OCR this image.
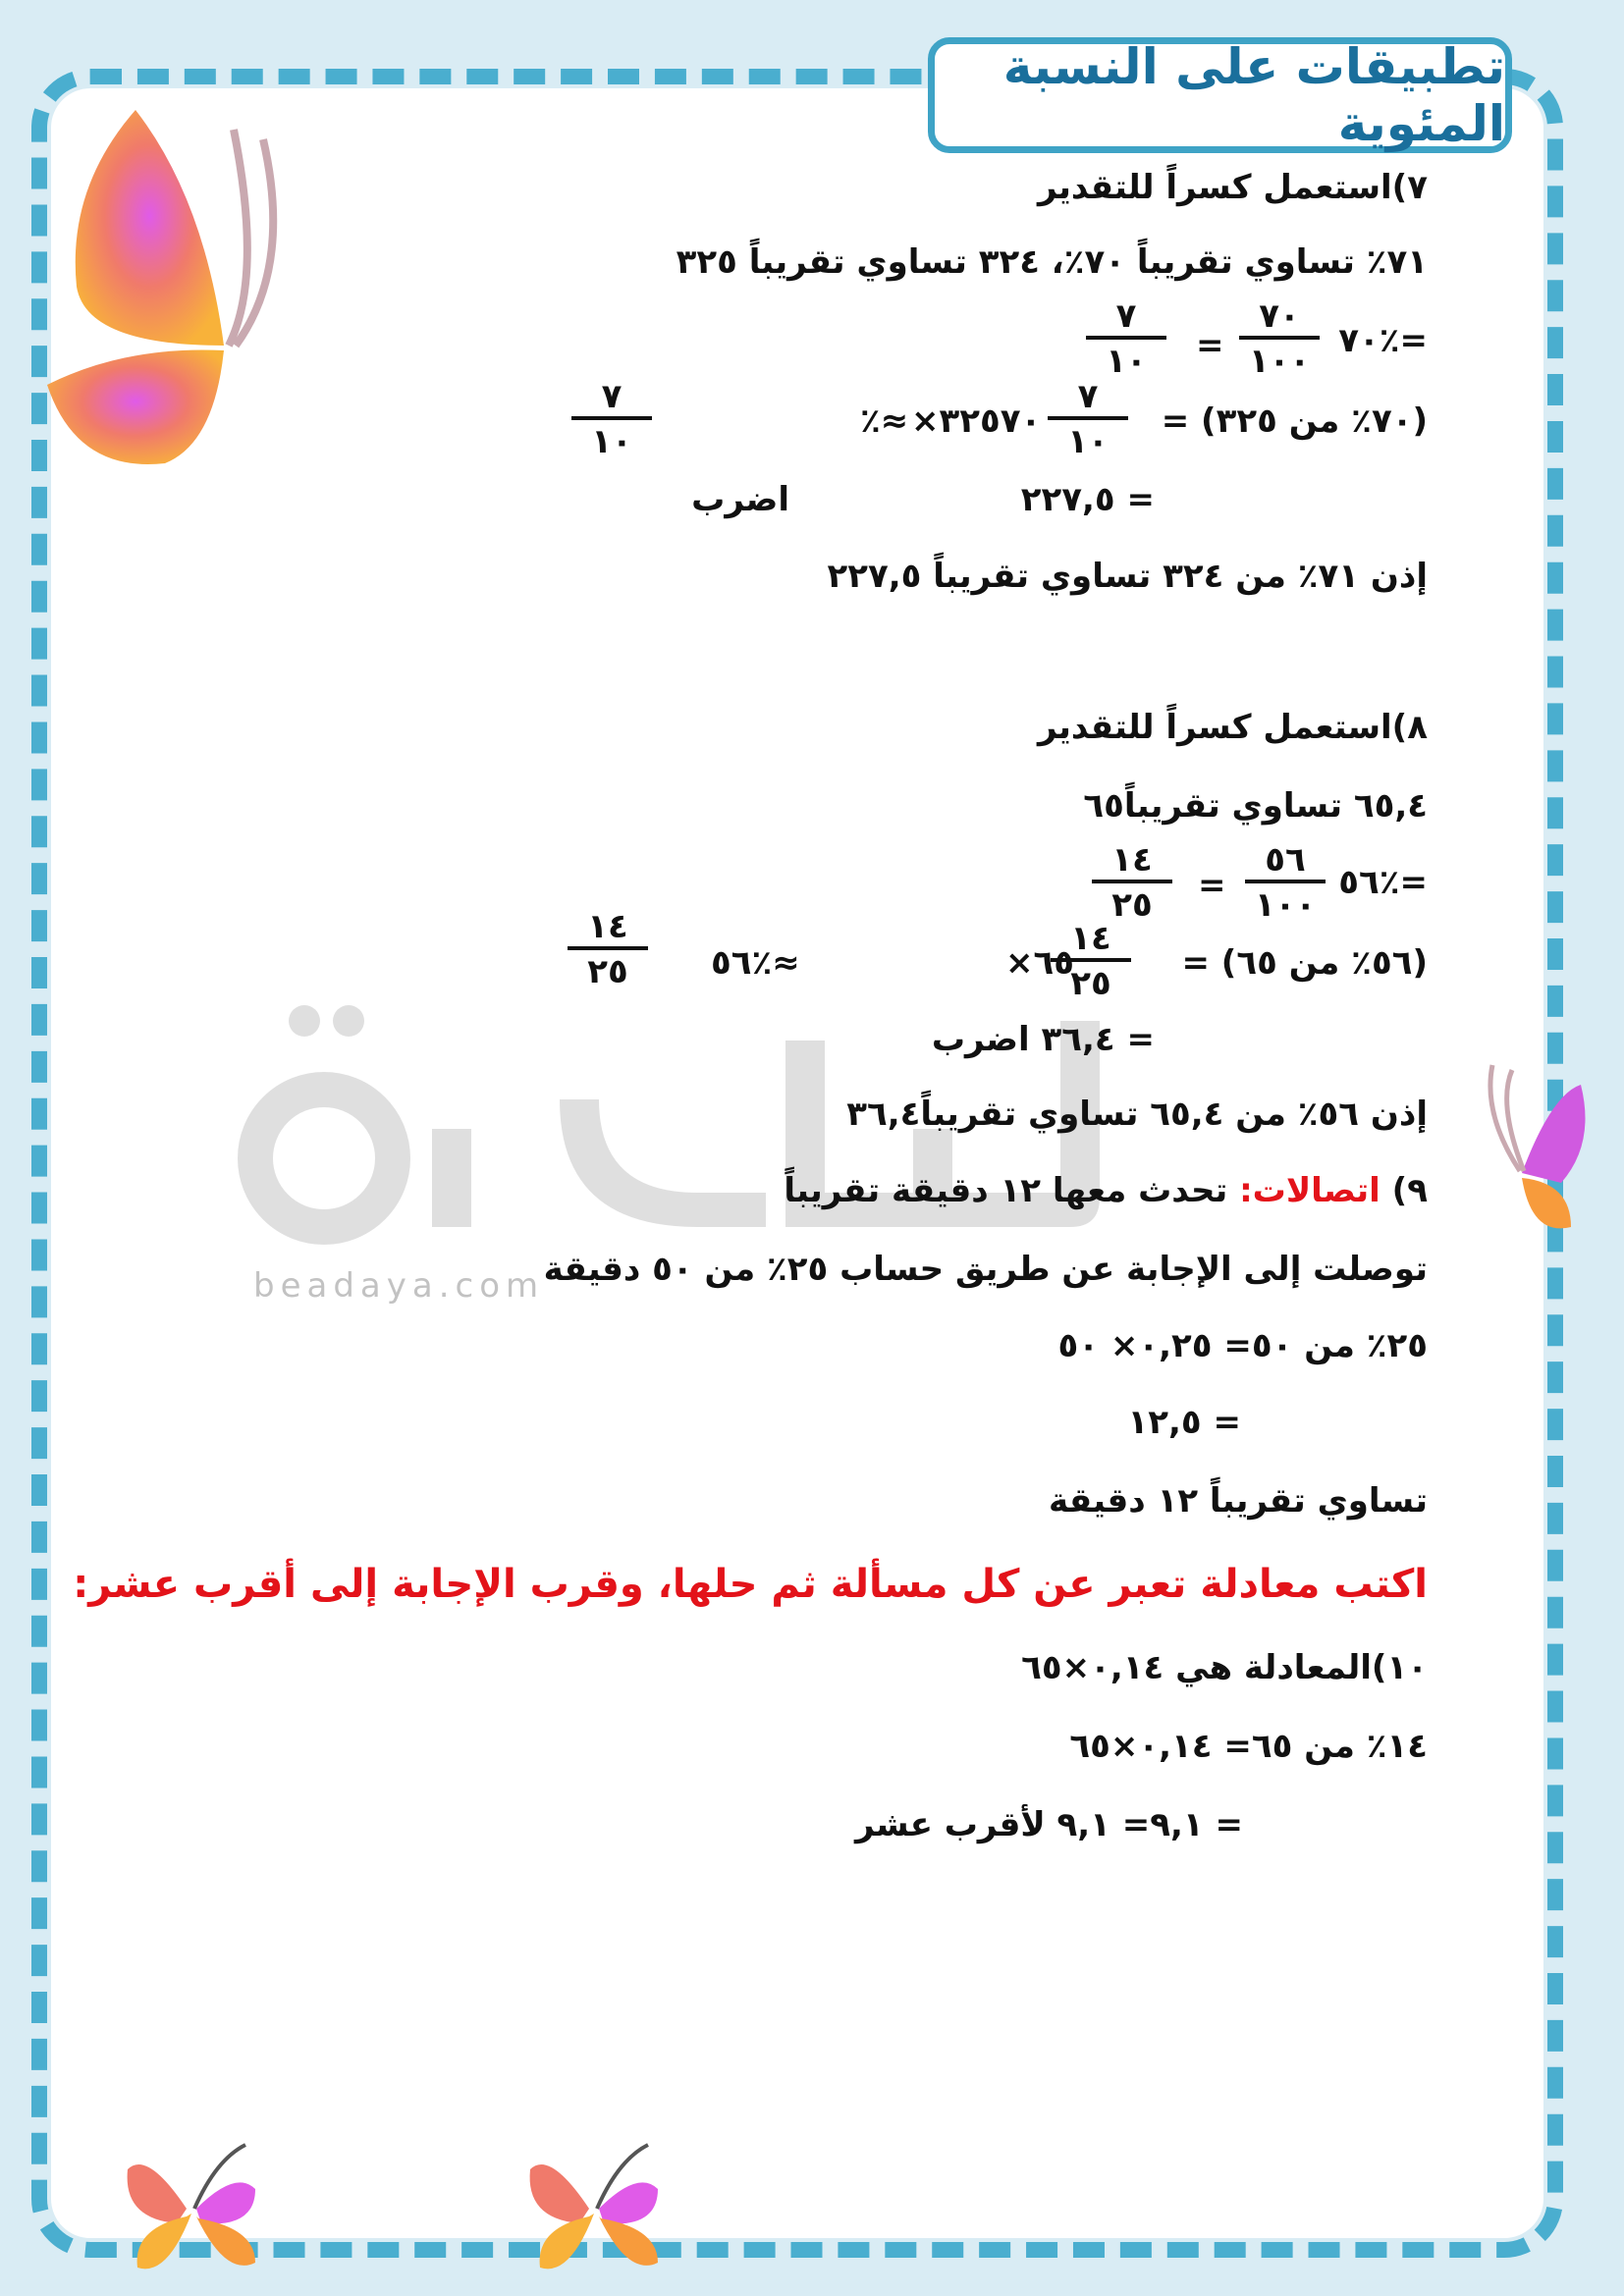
تطبيقات على النسبة المئوية
beadaya.com
٧)استعمل كسراً للتقدير
٧١٪ تساوي تقريباً ٧٠٪، ٣٢٤ تساوي تقريباً ٣٢٥
=٪٧٠
٧٠
١٠٠
=
٧
١٠
(٧٠٪ من ٣٢٥) =
٧
١٠
٣٢٥٧٠×
≈٪
٧
١٠
= ٢٢٧,٥
اضرب
إذن ٧١٪ من ٣٢٤ تساوي تقريباً ٢٢٧,٥
٨)استعمل كسراً للتقدير
٦٥,٤ تساوي تقريباً٦٥
=٪٥٦
٥٦
١٠٠
=
١٤
٢٥
(٥٦٪ من ٦٥) =
١٤
٢٥
٦٥×
≈٪٥٦
١٤
٢٥
= ٣٦,٤ اضرب
إذن ٥٦٪ من ٦٥,٤ تساوي تقريباً٣٦,٤
٩) اتصالات: تحدث معها ١٢ دقيقة تقريباً
توصلت إلى الإجابة عن طريق حساب ٢٥٪ من ٥٠ دقيقة
٢٥٪ من ٥٠= ٠,٢٥× ٥٠
= ١٢,٥
تساوي تقريباً ١٢ دقيقة
اكتب معادلة تعبر عن كل مسألة ثم حلها، وقرب الإجابة إلى أقرب عشر:
١٠)المعادلة هي ٠,١٤×٦٥
١٤٪ من ٦٥= ٠,١٤×٦٥
= ٩,١= ٩,١ لأقرب عشر
